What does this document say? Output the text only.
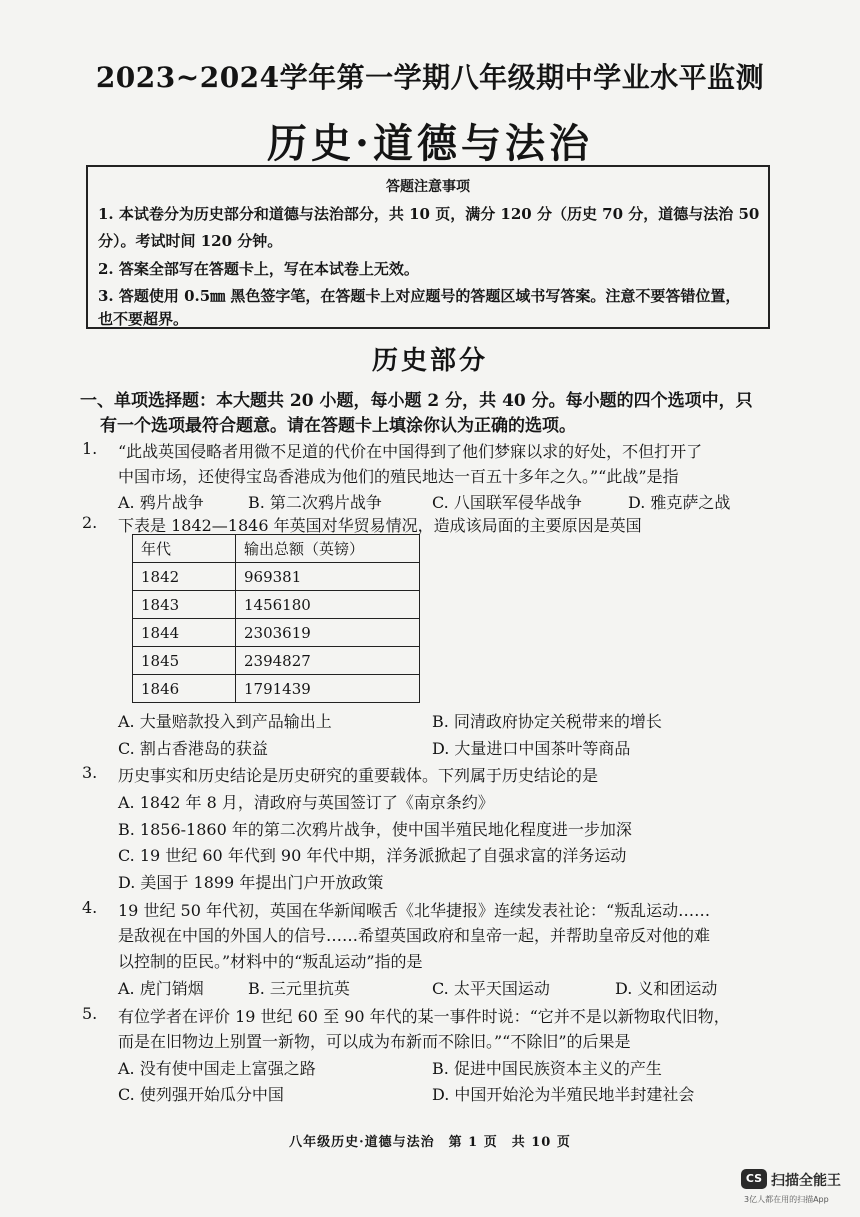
2023~2024学年第一学期八年级期中学业水平监测
历史·道德与法治
答题注意事项
1. 本试卷分为历史部分和道德与法治部分，共 10 页，满分 120 分（历史 70 分，道德与法治 50
分）。考试时间 120 分钟。
2. 答案全部写在答题卡上，写在本试卷上无效。
3. 答题使用 0.5㎜ 黑色签字笔，在答题卡上对应题号的答题区域书写答案。注意不要答错位置，
也不要超界。
历史部分
一、单项选择题：本大题共 20 小题，每小题 2 分，共 40 分。每小题的四个选项中，只
有一个选项最符合题意。请在答题卡上填涂你认为正确的选项。
1. “此战英国侵略者用微不足道的代价在中国得到了他们梦寐以求的好处，不但打开了
中国市场，还使得宝岛香港成为他们的殖民地达一百五十多年之久。”“此战”是指
A. 鸦片战争	B. 第二次鸦片战争	C. 八国联军侵华战争	D. 雅克萨之战
2. 下表是 1842—1846 年英国对华贸易情况，造成该局面的主要原因是英国
年代	输出总额（英镑）
1842	969381
1843	1456180
1844	2303619
1845	2394827
1846	1791439
A. 大量赔款投入到产品输出上	B. 同清政府协定关税带来的增长
C. 割占香港岛的获益	D. 大量进口中国茶叶等商品
3. 历史事实和历史结论是历史研究的重要载体。下列属于历史结论的是
A. 1842 年 8 月，清政府与英国签订了《南京条约》
B. 1856-1860 年的第二次鸦片战争，使中国半殖民地化程度进一步加深
C. 19 世纪 60 年代到 90 年代中期，洋务派掀起了自强求富的洋务运动
D. 美国于 1899 年提出门户开放政策
4. 19 世纪 50 年代初，英国在华新闻喉舌《北华捷报》连续发表社论：“叛乱运动……
是敌视在中国的外国人的信号……希望英国政府和皇帝一起，并帮助皇帝反对他的难
以控制的臣民。”材料中的“叛乱运动”指的是
A. 虎门销烟	B. 三元里抗英	C. 太平天国运动	D. 义和团运动
5. 有位学者在评价 19 世纪 60 至 90 年代的某一事件时说：“它并不是以新物取代旧物，
而是在旧物边上别置一新物，可以成为布新而不除旧。”“不除旧”的后果是
A. 没有使中国走上富强之路	B. 促进中国民族资本主义的产生
C. 使列强开始瓜分中国	D. 中国开始沦为半殖民地半封建社会
八年级历史·道德与法治　第 1 页　共 10 页
CS 扫描全能王
3亿人都在用的扫描App
